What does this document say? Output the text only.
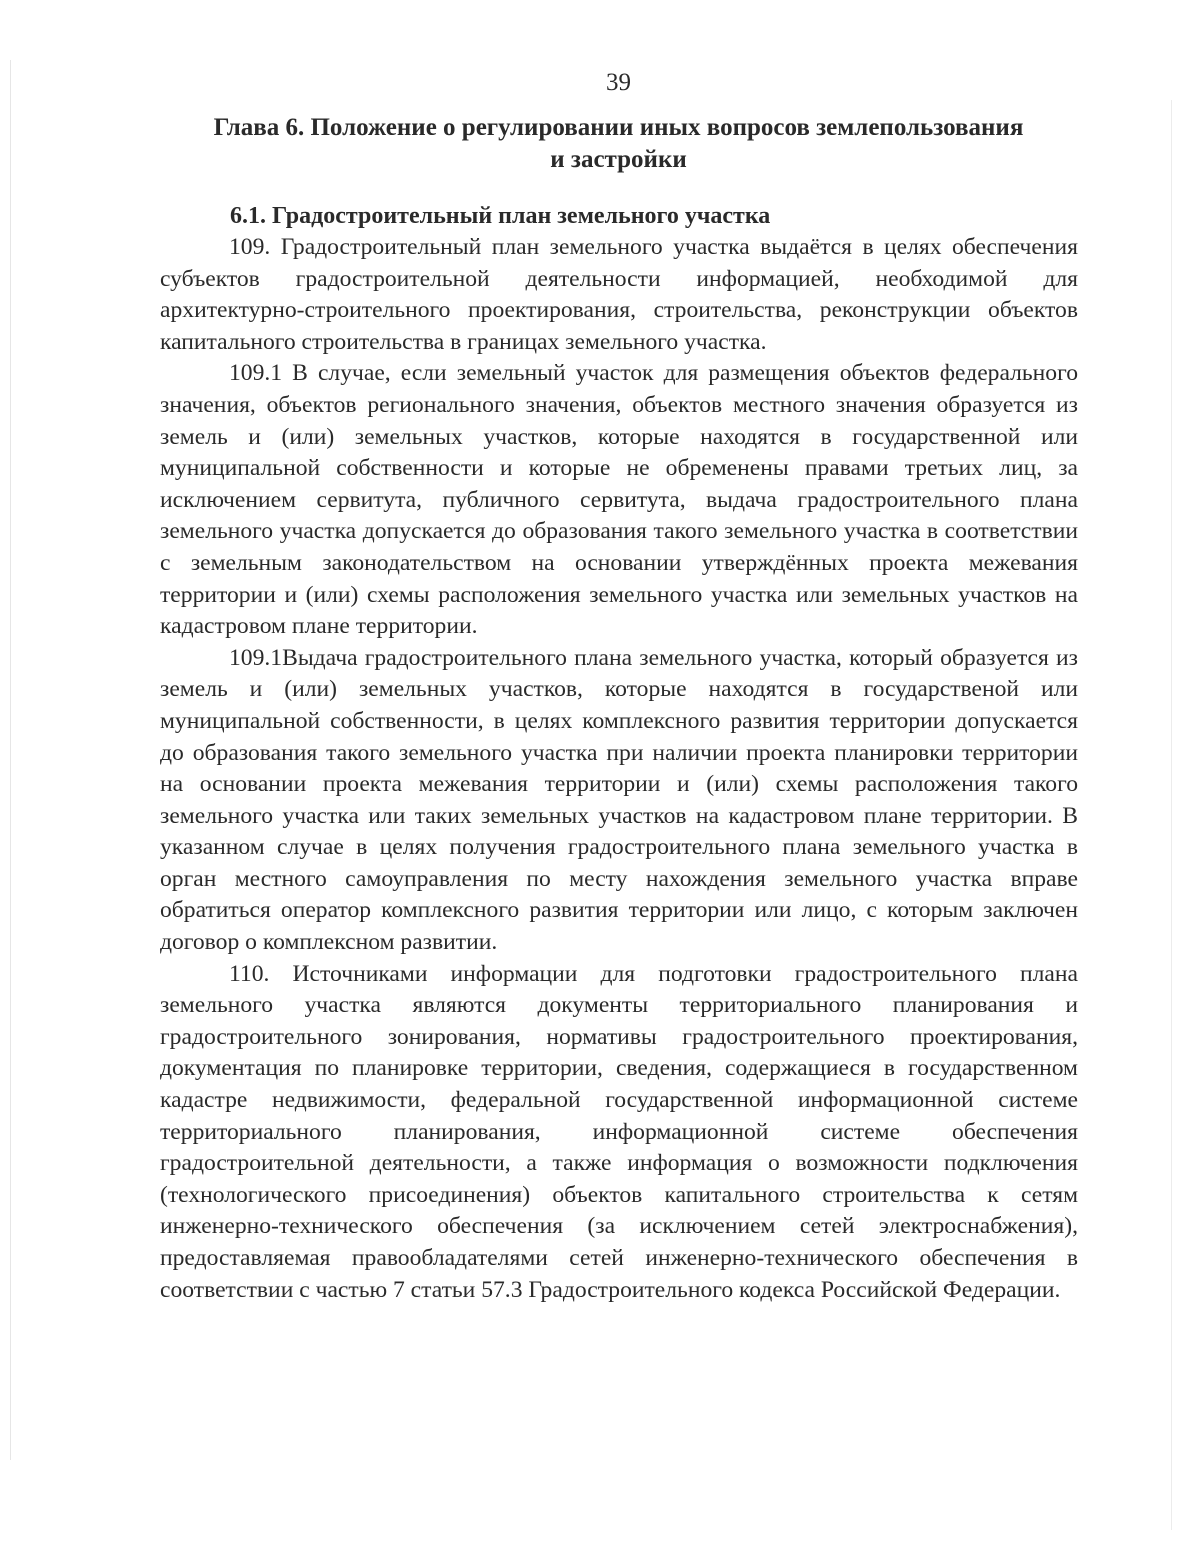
39
Глава 6. Положение о регулировании иных вопросов землепользования
и застройки
6.1. Градостроительный план земельного участка

109. Градостроительный план земельного участка выдаётся в целях обеспечения субъектов градостроительной деятельности информацией, необходимой для архитектурно-строительного проектирования, строительства, реконструкции объектов капитального строительства в границах земельного участка.

109.1 В случае, если земельный участок для размещения объектов федерального значения, объектов регионального значения, объектов местного значения образуется из земель и (или) земельных участков, которые находятся в государственной или муниципальной собственности и которые не обременены правами третьих лиц, за исключением сервитута, публичного сервитута, выдача градостроительного плана земельного участка допускается до образования такого земельного участка в соответствии с земельным законодательством на основании утверждённых проекта межевания территории и (или) схемы расположения земельного участка или земельных участков на кадастровом плане территории.

109.1Выдача градостроительного плана земельного участка, который образуется из земель и (или) земельных участков, которые находятся в государственой или муниципальной собственности, в целях комплексного развития территории допускается до образования такого земельного участка при наличии проекта планировки территории на основании проекта межевания территории и (или) схемы расположения такого земельного участка или таких земельных участков на кадастровом плане территории. В указанном случае в целях получения градостроительного плана земельного участка в орган местного самоуправления по месту нахождения земельного участка вправе обратиться оператор комплексного развития территории или лицо, с которым заключен договор о комплексном развитии.

110. Источниками информации для подготовки градостроительного плана земельного участка являются документы территориального планирования и градостроительного зонирования, нормативы градостроительного проектирования, документация по планировке территории, сведения, содержащиеся в государственном кадастре недвижимости, федеральной государственной информационной системе территориального планирования, информационной системе обеспечения градостроительной деятельности, а также информация о возможности подключения (технологического присоединения) объектов капитального строительства к сетям инженерно-технического обеспечения (за исключением сетей электроснабжения), предоставляемая правообладателями сетей инженерно-технического обеспечения в соответствии с частью 7 статьи 57.3 Градостроительного кодекса Российской Федерации.
